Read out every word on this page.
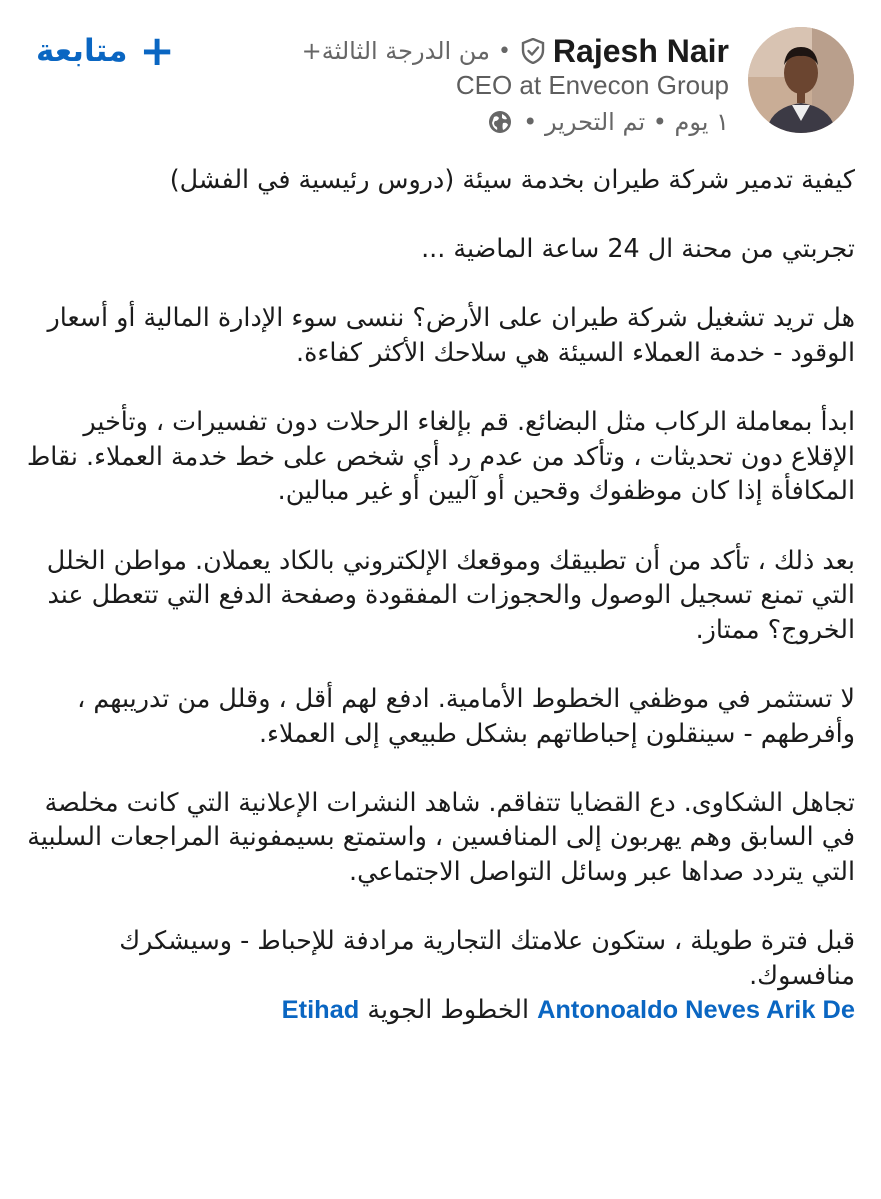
من الدرجة الثالثة+ • Rajesh Nair
CEO at Envecon Group
١ يوم • تم التحرير •
متابعة +

كيفية تدمير شركة طيران بخدمة سيئة (دروس رئيسية في الفشل)

تجربتي من محنة ال 24 ساعة الماضية ...

هل تريد تشغيل شركة طيران على الأرض؟ ننسى سوء الإدارة المالية أو أسعار الوقود - خدمة العملاء السيئة هي سلاحك الأكثر كفاءة.

ابدأ بمعاملة الركاب مثل البضائع. قم بإلغاء الرحلات دون تفسيرات ، وتأخير الإقلاع دون تحديثات ، وتأكد من عدم رد أي شخص على خط خدمة العملاء. نقاط المكافأة إذا كان موظفوك وقحين أو آليين أو غير مبالين.

بعد ذلك ، تأكد من أن تطبيقك وموقعك الإلكتروني بالكاد يعملان. مواطن الخلل التي تمنع تسجيل الوصول والحجوزات المفقودة وصفحة الدفع التي تتعطل عند الخروج؟ ممتاز.

لا تستثمر في موظفي الخطوط الأمامية. ادفع لهم أقل ، وقلل من تدريبهم ، وأفرطهم - سينقلون إحباطاتهم بشكل طبيعي إلى العملاء.

تجاهل الشكاوى. دع القضايا تتفاقم. شاهد النشرات الإعلانية التي كانت مخلصة في السابق وهم يهربون إلى المنافسين ، واستمتع بسيمفونية المراجعات السلبية التي يتردد صداها عبر وسائل التواصل الاجتماعي.

قبل فترة طويلة ، ستكون علامتك التجارية مرادفة للإحباط - وسيشكرك منافسوك.

Antonoaldo Neves Arik De الخطوط الجوية Etihad
